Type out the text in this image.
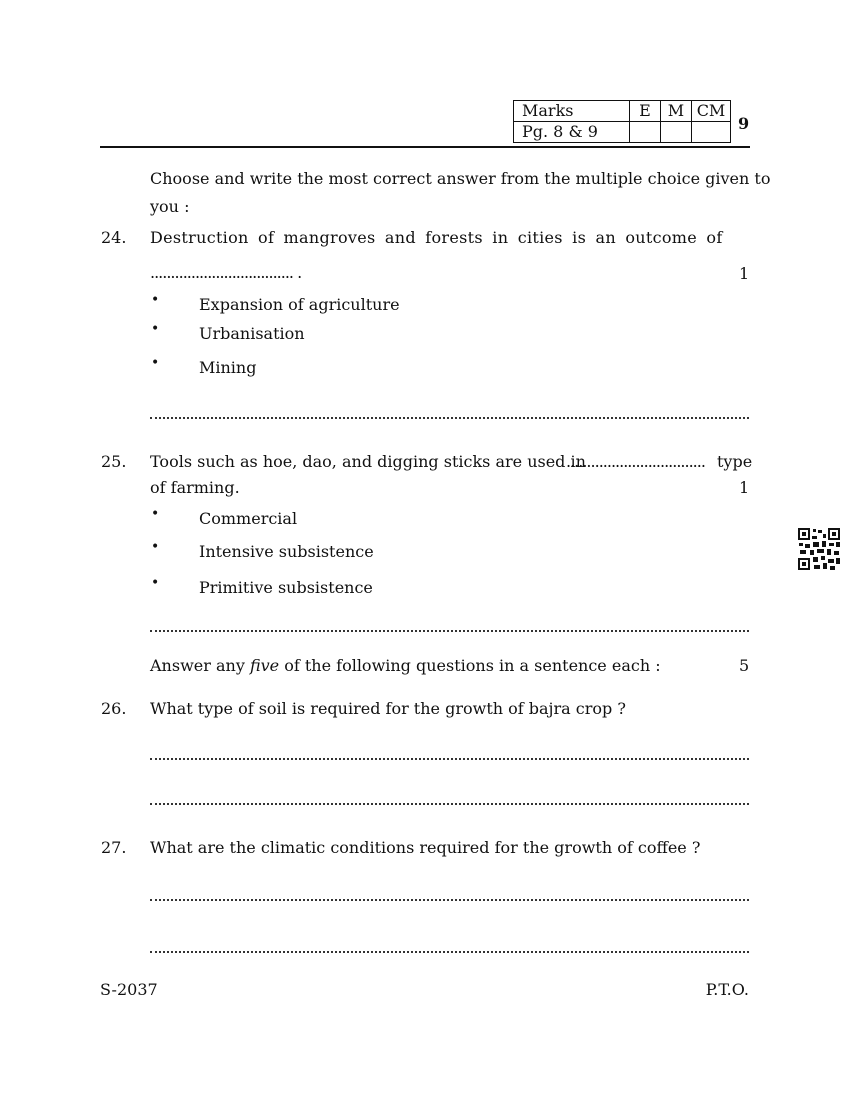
Marks	E	M	CM
Pg. 8 & 9				9
Choose and write the most correct answer from the multiple choice given to
you :
24. Destruction of mangroves and forests in cities is an outcome of
................................... .	1
• Expansion of agriculture
• Urbanisation
• Mining
25. Tools such as hoe, dao, and digging sticks are used in
.................................. type
of farming.	1
• Commercial
• Intensive subsistence
• Primitive subsistence
Answer any five of the following questions in a sentence each :	5
26. What type of soil is required for the growth of bajra crop ?
27. What are the climatic conditions required for the growth of coffee ?
S-2037	P.T.O.
